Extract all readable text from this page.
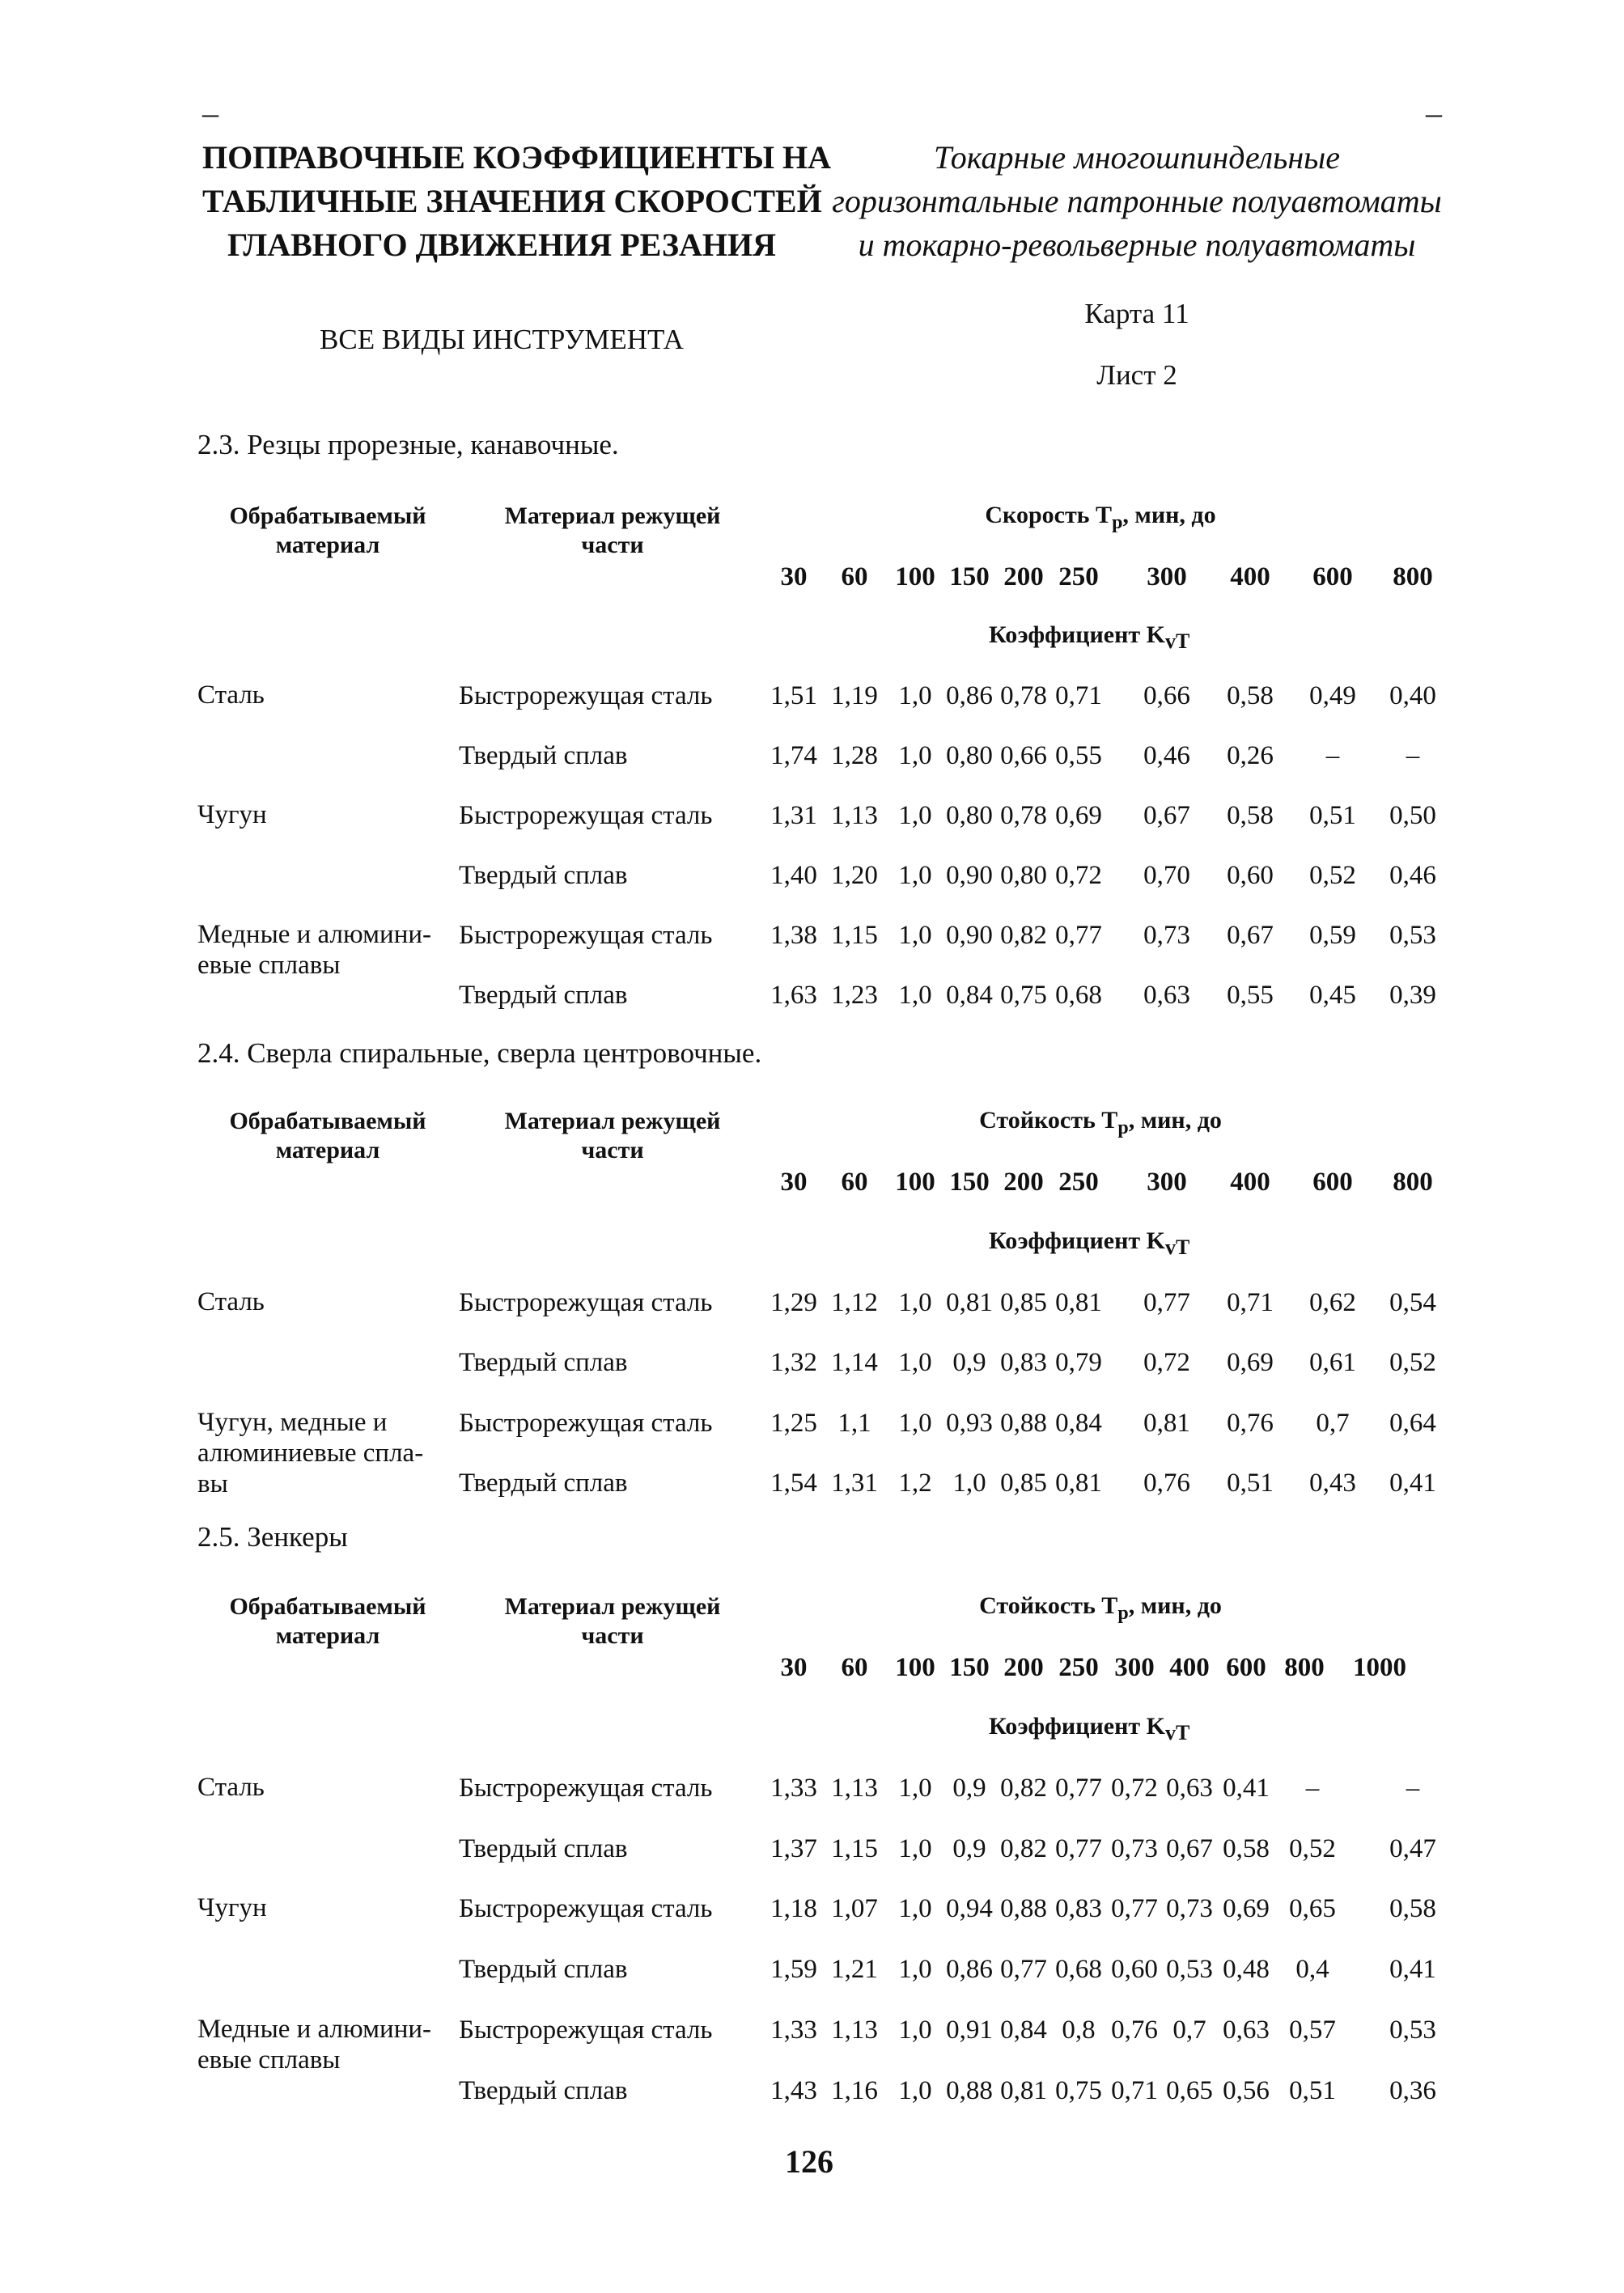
–	–
ПОПРАВОЧНЫЕ КОЭФФИЦИЕНТЫ НА
ТАБЛИЧНЫЕ ЗНАЧЕНИЯ СКОРОСТЕЙ
ГЛАВНОГО ДВИЖЕНИЯ РЕЗАНИЯ
Токарные многошпиндельные
горизонтальные патронные полуавтоматы
и токарно-револьверные полуавтоматы
ВСЕ ВИДЫ ИНСТРУМЕНТА
Карта 11
Лист 2
2.3. Резцы прорезные, канавочные.
Обрабатываемый
материал
Материал режущей
части
Скорость $T_р$, мин, до
30	60	100 150 200 250	300	400	600	800
Коэффициент $K_{vT}$
Сталь	Быстрорежущая сталь	1,51 1,19 1,0 0,86 0,78 0,71	0,66	0,58	0,49	0,40
Твердый сплав	1,74 1,28 1,0 0,80 0,66 0,55	0,46	0,26	–	–
Чугун	Быстрорежущая сталь	1,31 1,13 1,0 0,80 0,78 0,69	0,67	0,58	0,51	0,50
Твердый сплав	1,40 1,20 1,0 0,90 0,80 0,72	0,70	0,60	0,52	0,46
Медные и алюмини-
евые сплавы
Быстрорежущая сталь	1,38 1,15 1,0 0,90 0,82 0,77	0,73	0,67	0,59	0,53
Твердый сплав	1,63 1,23 1,0 0,84 0,75 0,68	0,63	0,55	0,45	0,39
2.4. Сверла спиральные, сверла центровочные.
Обрабатываемый
материал
Материал режущей
части
Стойкость $T_р$, мин, до
30	60	100 150 200 250	300	400	600	800
Коэффициент $K_{vT}$
Сталь	Быстрорежущая сталь	1,29 1,12 1,0 0,81 0,85 0,81	0,77	0,71	0,62	0,54
Твердый сплав	1,32 1,14 1,0 0,9 0,83 0,79	0,72	0,69	0,61	0,52
Чугун, медные и
алюминиевые спла-
вы
Быстрорежущая сталь	1,25 1,1	1,0 0,93 0,88 0,84	0,81	0,76	0,7	0,64
Твердый сплав	1,54 1,31 1,2 1,0 0,85 0,81	0,76	0,51	0,43	0,41
2.5. Зенкеры
Обрабатываемый
материал
Материал режущей
части
Стойкость $T_р$, мин, до
30	60	100 150 200 250 300 400 600 800	1000
Коэффициент $K_{vT}$
Сталь	Быстрорежущая сталь	1,33 1,13 1,0 0,9 0,82 0,77 0,72 0,63 0,41	–	–
Твердый сплав	1,37 1,15 1,0 0,9 0,82 0,77 0,73 0,67 0,58 0,52	0,47
Чугун	Быстрорежущая сталь	1,18 1,07 1,0 0,94 0,88 0,83 0,77 0,73 0,69 0,65	0,58
Твердый сплав	1,59 1,21 1,0 0,86 0,77 0,68 0,60 0,53 0,48 0,4	0,41
Медные и алюмини-
евые сплавы
Быстрорежущая сталь	1,33 1,13 1,0 0,91 0,84 0,8 0,76 0,7 0,63 0,57	0,53
Твердый сплав	1,43 1,16 1,0 0,88 0,81 0,75 0,71 0,65 0,56 0,51	0,36
126
